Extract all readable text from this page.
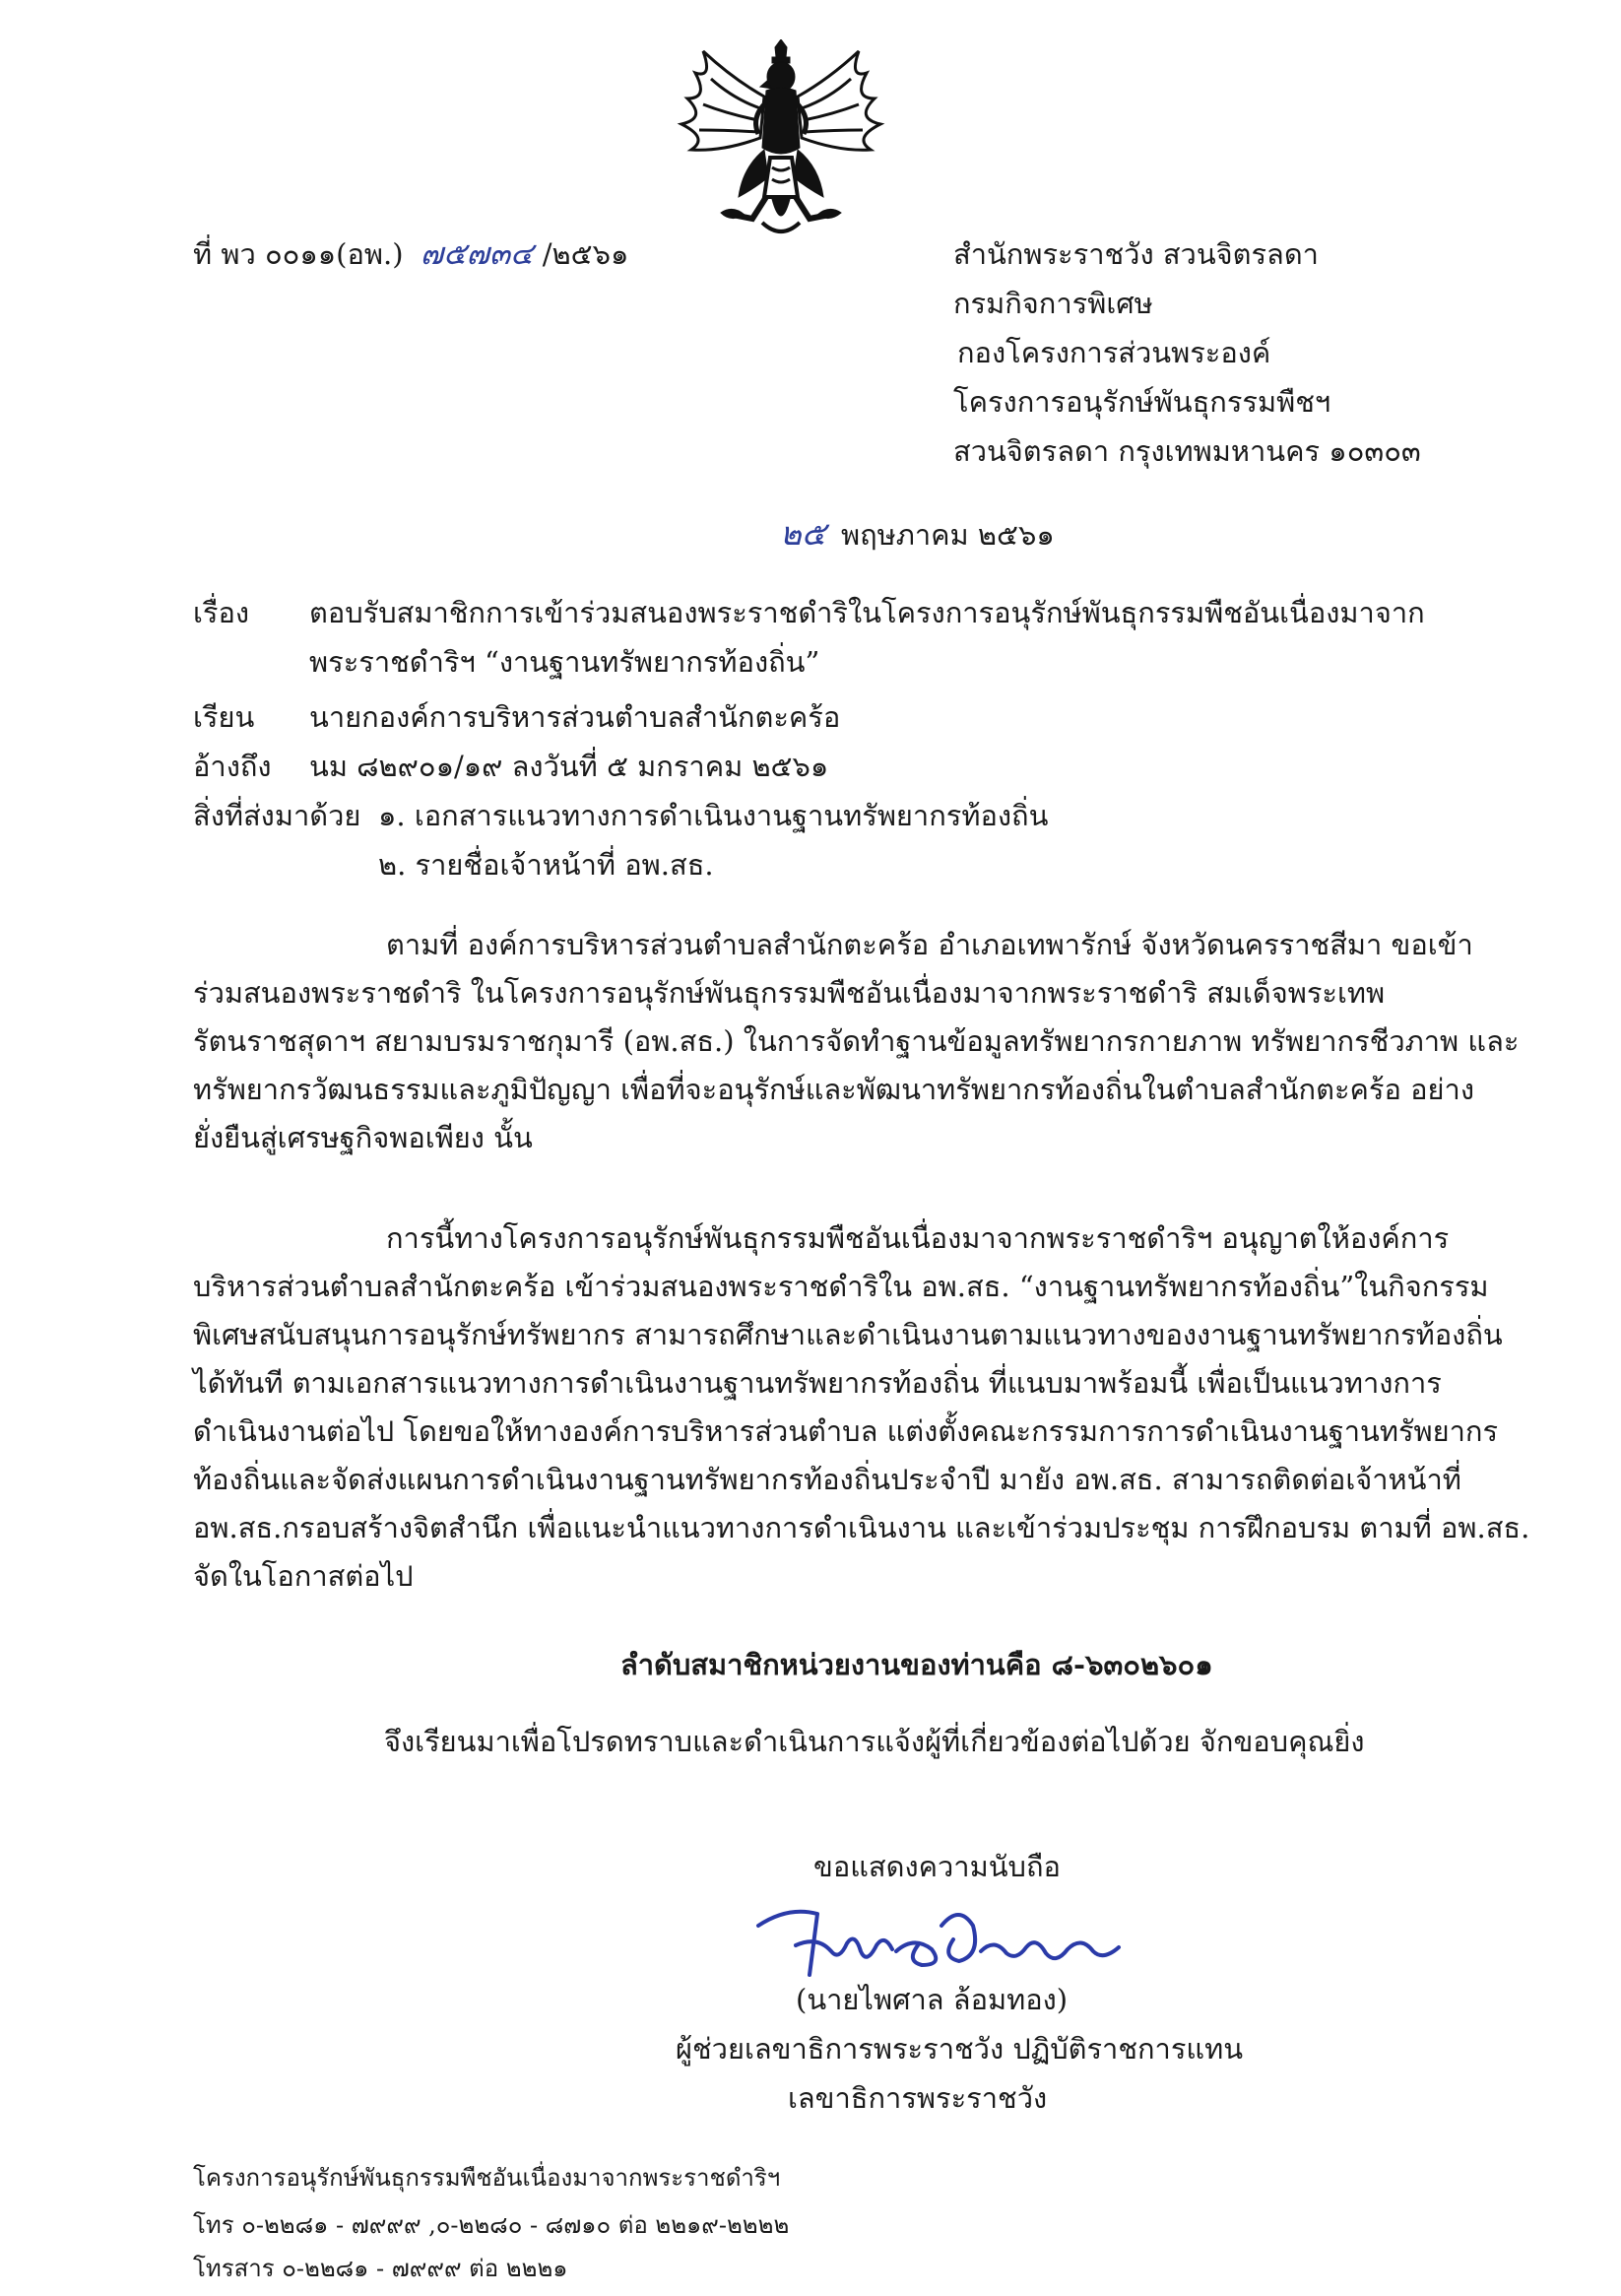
ที่ พว ๐๐๑๑(อพ.) ๗๕๗๓๔ /๒๕๖๑	สำนักพระราชวัง สวนจิตรลดา
กรมกิจการพิเศษ
กองโครงการส่วนพระองค์
โครงการอนุรักษ์พันธุกรรมพืชฯ
สวนจิตรลดา กรุงเทพมหานคร ๑๐๓๐๓
๒๕ พฤษภาคม ๒๕๖๑
เรื่อง ตอบรับสมาชิกการเข้าร่วมสนองพระราชดำริในโครงการอนุรักษ์พันธุกรรมพืชอันเนื่องมาจาก
พระราชดำริฯ “งานฐานทรัพยากรท้องถิ่น”
เรียน นายกองค์การบริหารส่วนตำบลสำนักตะคร้อ
อ้างถึง นม ๘๒๙๐๑/๑๙ ลงวันที่ ๕ มกราคม ๒๕๖๑
สิ่งที่ส่งมาด้วย ๑. เอกสารแนวทางการดำเนินงานฐานทรัพยากรท้องถิ่น
๒. รายชื่อเจ้าหน้าที่ อพ.สธ.
ตามที่ องค์การบริหารส่วนตำบลสำนักตะคร้อ อำเภอเทพารักษ์ จังหวัดนครราชสีมา ขอเข้า
ร่วมสนองพระราชดำริ ในโครงการอนุรักษ์พันธุกรรมพืชอันเนื่องมาจากพระราชดำริ สมเด็จพระเทพ
รัตนราชสุดาฯ สยามบรมราชกุมารี (อพ.สธ.) ในการจัดทำฐานข้อมูลทรัพยากรกายภาพ ทรัพยากรชีวภาพ และ
ทรัพยากรวัฒนธรรมและภูมิปัญญา เพื่อที่จะอนุรักษ์และพัฒนาทรัพยากรท้องถิ่นในตำบลสำนักตะคร้อ อย่าง
ยั่งยืนสู่เศรษฐกิจพอเพียง นั้น
การนี้ทางโครงการอนุรักษ์พันธุกรรมพืชอันเนื่องมาจากพระราชดำริฯ อนุญาตให้องค์การ
บริหารส่วนตำบลสำนักตะคร้อ เข้าร่วมสนองพระราชดำริใน อพ.สธ. “งานฐานทรัพยากรท้องถิ่น”ในกิจกรรม
พิเศษสนับสนุนการอนุรักษ์ทรัพยากร สามารถศึกษาและดำเนินงานตามแนวทางของงานฐานทรัพยากรท้องถิ่น
ได้ทันที ตามเอกสารแนวทางการดำเนินงานฐานทรัพยากรท้องถิ่น ที่แนบมาพร้อมนี้ เพื่อเป็นแนวทางการ
ดำเนินงานต่อไป โดยขอให้ทางองค์การบริหารส่วนตำบล แต่งตั้งคณะกรรมการการดำเนินงานฐานทรัพยากร
ท้องถิ่นและจัดส่งแผนการดำเนินงานฐานทรัพยากรท้องถิ่นประจำปี มายัง อพ.สธ. สามารถติดต่อเจ้าหน้าที่
อพ.สธ.กรอบสร้างจิตสำนึก เพื่อแนะนำแนวทางการดำเนินงาน และเข้าร่วมประชุม การฝึกอบรม ตามที่ อพ.สธ.
จัดในโอกาสต่อไป
ลำดับสมาชิกหน่วยงานของท่านคือ ๘-๖๓๐๒๖๐๑
จึงเรียนมาเพื่อโปรดทราบและดำเนินการแจ้งผู้ที่เกี่ยวข้องต่อไปด้วย จักขอบคุณยิ่ง
ขอแสดงความนับถือ
(นายไพศาล ล้อมทอง)
ผู้ช่วยเลขาธิการพระราชวัง ปฏิบัติราชการแทน
เลขาธิการพระราชวัง
โครงการอนุรักษ์พันธุกรรมพืชอันเนื่องมาจากพระราชดำริฯ
โทร ๐-๒๒๘๑ - ๗๙๙๙ ,๐-๒๒๘๐ - ๘๗๑๐ ต่อ ๒๒๑๙-๒๒๒๒
โทรสาร ๐-๒๒๘๑ - ๗๙๙๙ ต่อ ๒๒๒๑
